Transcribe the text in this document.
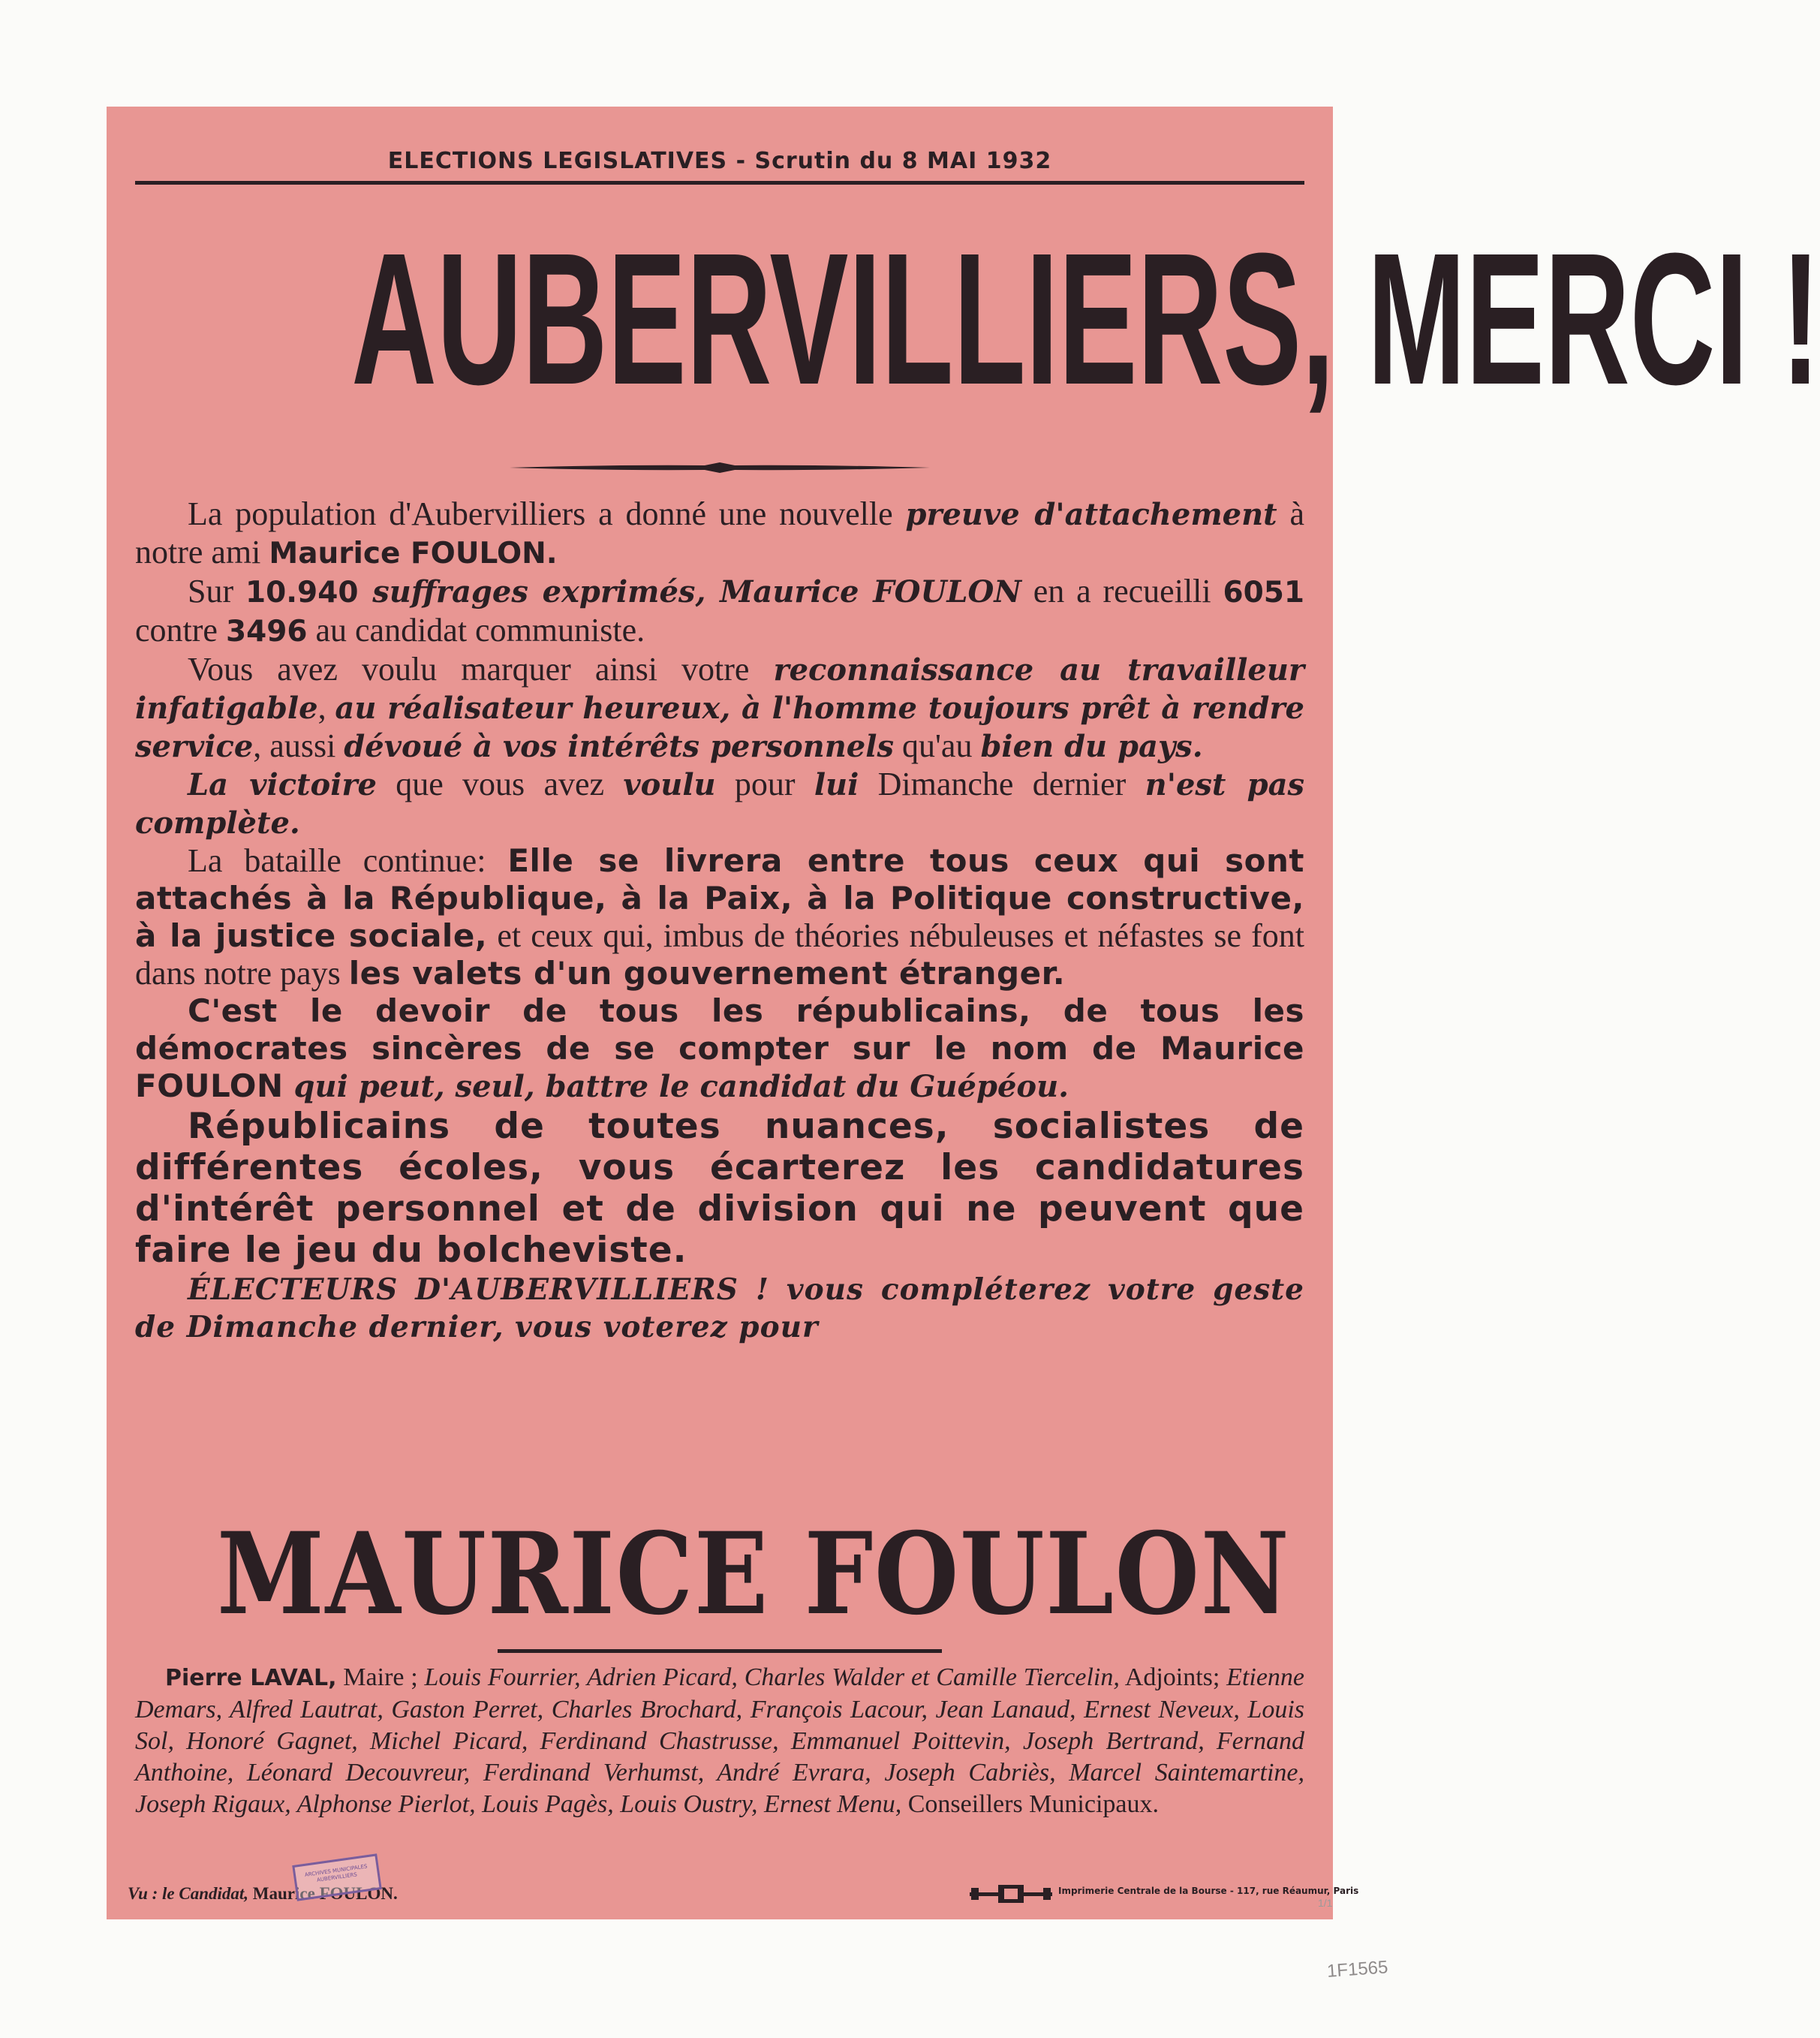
ELECTIONS LEGISLATIVES - Scrutin du 8 MAI 1932
AUBERVILLIERS, MERCI !

La population d'Aubervilliers a donné une nouvelle preuve d'attachement à notre ami Maurice FOULON.

Sur 10.940 suffrages exprimés, Maurice FOULON en a recueilli 6051 contre 3496 au candidat communiste.

Vous avez voulu marquer ainsi votre reconnaissance au travailleur infatigable, au réalisateur heureux, à l'homme toujours prêt à rendre service, aussi dévoué à vos intérêts personnels qu'au bien du pays.

La victoire que vous avez voulu pour lui Dimanche dernier n'est pas complète.

La bataille continue: Elle se livrera entre tous ceux qui sont attachés à la République, à la Paix, à la Politique constructive, à la justice sociale, et ceux qui, imbus de théories nébuleuses et néfastes se font dans notre pays les valets d'un gouvernement étranger.

C'est le devoir de tous les républicains, de tous les démocrates sincères de se compter sur le nom de Maurice FOULON qui peut, seul, battre le candidat du Guépéou.

Républicains de toutes nuances, socialistes de différentes écoles, vous écarterez les candidatures d'intérêt personnel et de division qui ne peuvent que faire le jeu du bolcheviste.

ÉLECTEURS D'AUBERVILLIERS ! vous compléterez votre geste de Dimanche dernier, vous voterez pour

MAURICE FOULON
Pierre LAVAL, Maire ; Louis Fourrier, Adrien Picard, Charles Walder et Camille Tiercelin, Adjoints; Etienne Demars, Alfred Lautrat, Gaston Perret, Charles Brochard, François Lacour, Jean Lanaud, Ernest Neveux, Louis Sol, Honoré Gagnet, Michel Picard, Ferdinand Chastrusse, Emmanuel Poittevin, Joseph Bertrand, Fernand Anthoine, Léonard Decouvreur, Ferdinand Verhumst, André Evrara, Joseph Cabriès, Marcel Saintemartine, Joseph Rigaux, Alphonse Pierlot, Louis Pagès, Louis Oustry, Ernest Menu, Conseillers Municipaux.
Vu : le Candidat, Maurice FOULON.
ARCHIVES MUNICIPALES AUBERVILLIERS
Imprimerie Centrale de la Bourse - 117, rue Réaumur, Paris
1/1
1F1565
